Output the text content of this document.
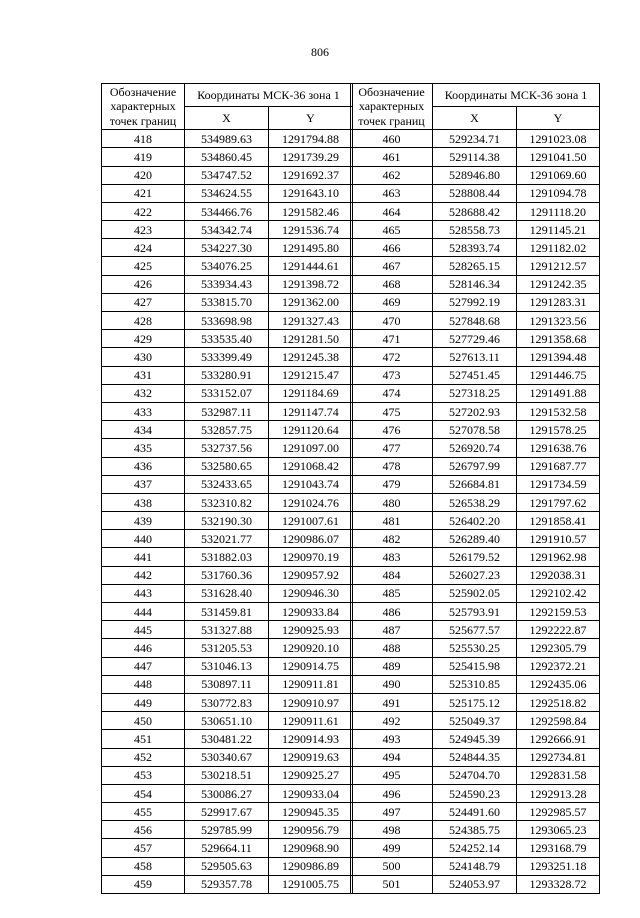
806
Обозначение характерных точек границ	Координаты МСК-36 зона 1	
	X	Y
418	534989.63	1291794.88
419	534860.45	1291739.29
420	534747.52	1291692.37
421	534624.55	1291643.10
422	534466.76	1291582.46
423	534342.74	1291536.74
424	534227.30	1291495.80
425	534076.25	1291444.61
426	533934.43	1291398.72
427	533815.70	1291362.00
428	533698.98	1291327.43
429	533535.40	1291281.50
430	533399.49	1291245.38
431	533280.91	1291215.47
432	533152.07	1291184.69
433	532987.11	1291147.74
434	532857.75	1291120.64
435	532737.56	1291097.00
436	532580.65	1291068.42
437	532433.65	1291043.74
438	532310.82	1291024.76
439	532190.30	1291007.61
440	532021.77	1290986.07
441	531882.03	1290970.19
442	531760.36	1290957.92
443	531628.40	1290946.30
444	531459.81	1290933.84
445	531327.88	1290925.93
446	531205.53	1290920.10
447	531046.13	1290914.75
448	530897.11	1290911.81
449	530772.83	1290910.97
450	530651.10	1290911.61
451	530481.22	1290914.93
452	530340.67	1290919.63
453	530218.51	1290925.27
454	530086.27	1290933.04
455	529917.67	1290945.35
456	529785.99	1290956.79
457	529664.11	1290968.90
458	529505.63	1290986.89
459	529357.78	1291005.75
Обозначение характерных точек границ	Координаты МСК-36 зона 1	
	X	Y
460	529234.71	1291023.08
461	529114.38	1291041.50
462	528946.80	1291069.60
463	528808.44	1291094.78
464	528688.42	1291118.20
465	528558.73	1291145.21
466	528393.74	1291182.02
467	528265.15	1291212.57
468	528146.34	1291242.35
469	527992.19	1291283.31
470	527848.68	1291323.56
471	527729.46	1291358.68
472	527613.11	1291394.48
473	527451.45	1291446.75
474	527318.25	1291491.88
475	527202.93	1291532.58
476	527078.58	1291578.25
477	526920.74	1291638.76
478	526797.99	1291687.77
479	526684.81	1291734.59
480	526538.29	1291797.62
481	526402.20	1291858.41
482	526289.40	1291910.57
483	526179.52	1291962.98
484	526027.23	1292038.31
485	525902.05	1292102.42
486	525793.91	1292159.53
487	525677.57	1292222.87
488	525530.25	1292305.79
489	525415.98	1292372.21
490	525310.85	1292435.06
491	525175.12	1292518.82
492	525049.37	1292598.84
493	524945.39	1292666.91
494	524844.35	1292734.81
495	524704.70	1292831.58
496	524590.23	1292913.28
497	524491.60	1292985.57
498	524385.75	1293065.23
499	524252.14	1293168.79
500	524148.79	1293251.18
501	524053.97	1293328.72
